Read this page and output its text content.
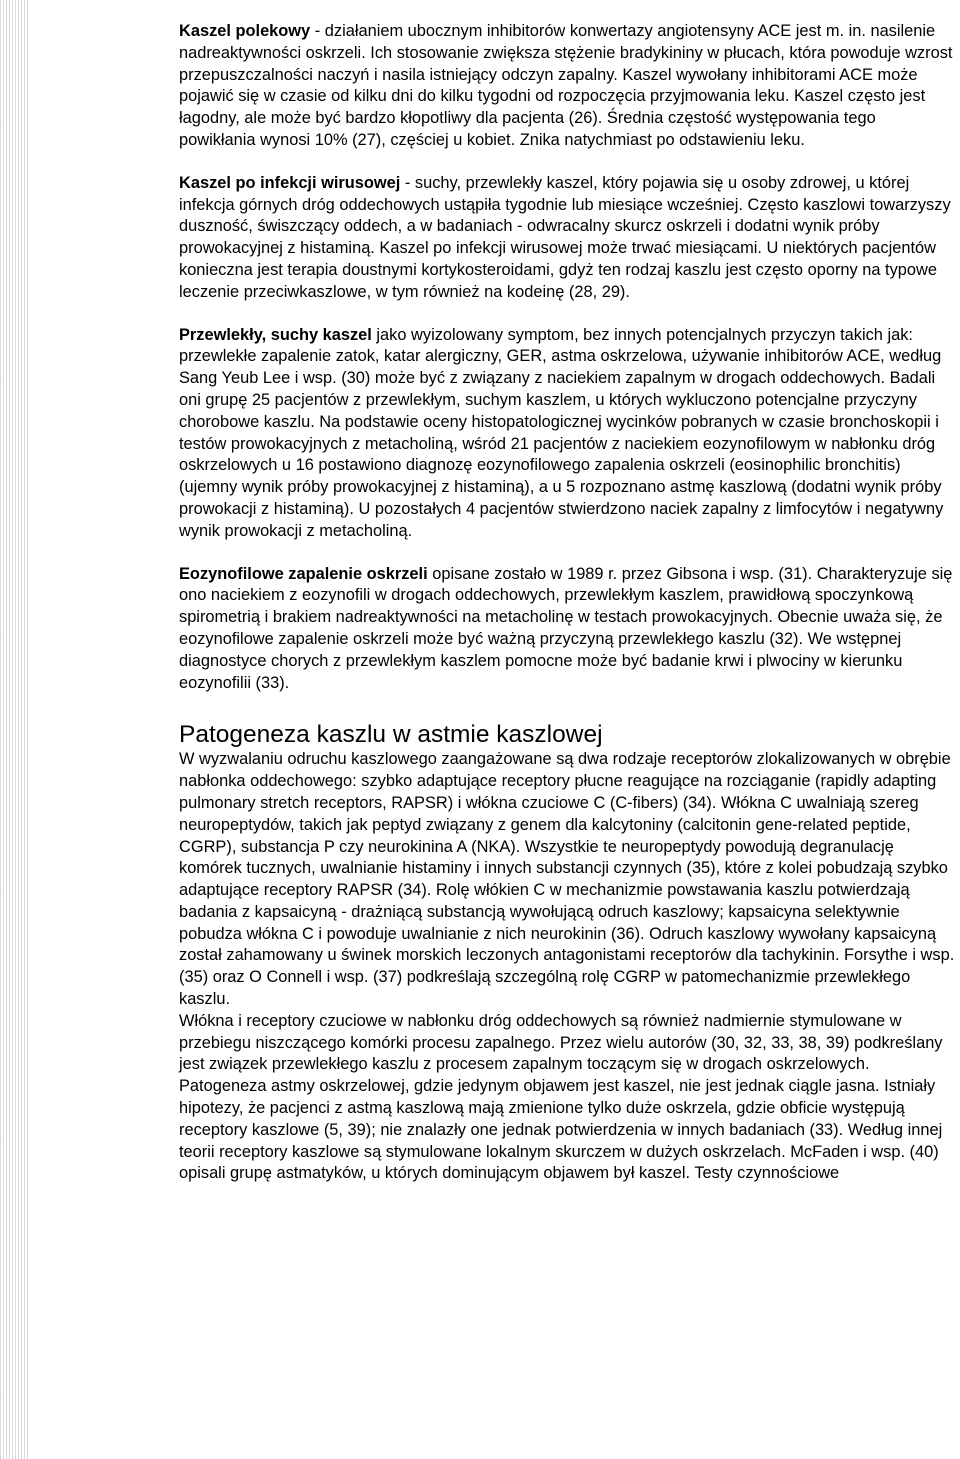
Kaszel polekowy - działaniem ubocznym inhibitorów konwertazy angiotensyny ACE jest m. in. nasilenie nadreaktywności oskrzeli. Ich stosowanie zwiększa stężenie bradykininy w płucach, która powoduje wzrost przepuszczalności naczyń i nasila istniejący odczyn zapalny. Kaszel wywołany inhibitorami ACE może pojawić się w czasie od kilku dni do kilku tygodni od rozpoczęcia przyjmowania leku. Kaszel często jest łagodny, ale może być bardzo kłopotliwy dla pacjenta (26). Średnia częstość występowania tego powikłania wynosi 10% (27), częściej u kobiet. Znika natychmiast po odstawieniu leku.

Kaszel po infekcji wirusowej - suchy, przewlekły kaszel, który pojawia się u osoby zdrowej, u której infekcja górnych dróg oddechowych ustąpiła tygodnie lub miesiące wcześniej. Często kaszlowi towarzyszy duszność, świszczący oddech, a w badaniach - odwracalny skurcz oskrzeli i dodatni wynik próby prowokacyjnej z histaminą. Kaszel po infekcji wirusowej może trwać miesiącami. U niektórych pacjentów konieczna jest terapia doustnymi kortykosteroidami, gdyż ten rodzaj kaszlu jest często oporny na typowe leczenie przeciwkaszlowe, w tym również na kodeinę (28, 29).

Przewlekły, suchy kaszel jako wyizolowany symptom, bez innych potencjalnych przyczyn takich jak: przewlekłe zapalenie zatok, katar alergiczny, GER, astma oskrzelowa, używanie inhibitorów ACE, według Sang Yeub Lee i wsp. (30) może być z związany z naciekiem zapalnym w drogach oddechowych. Badali oni grupę 25 pacjentów z przewlekłym, suchym kaszlem, u których wykluczono potencjalne przyczyny chorobowe kaszlu. Na podstawie oceny histopatologicznej wycinków pobranych w czasie bronchoskopii i testów prowokacyjnych z metacholiną, wśród 21 pacjentów z naciekiem eozynofilowym w nabłonku dróg oskrzelowych u 16 postawiono diagnozę eozynofilowego zapalenia oskrzeli (eosinophilic bronchitis) (ujemny wynik próby prowokacyjnej z histaminą), a u 5 rozpoznano astmę kaszlową (dodatni wynik próby prowokacji z histaminą). U pozostałych 4 pacjentów stwierdzono naciek zapalny z limfocytów i negatywny wynik prowokacji z metacholiną.

Eozynofilowe zapalenie oskrzeli opisane zostało w 1989 r. przez Gibsona i wsp. (31). Charakteryzuje się ono naciekiem z eozynofili w drogach oddechowych, przewlekłym kaszlem, prawidłową spoczynkową spirometrią i brakiem nadreaktywności na metacholinę w testach prowokacyjnych. Obecnie uważa się, że eozynofilowe zapalenie oskrzeli może być ważną przyczyną przewlekłego kaszlu (32). We wstępnej diagnostyce chorych z przewlekłym kaszlem pomocne może być badanie krwi i plwociny w kierunku eozynofilii (33).

Patogeneza kaszlu w astmie kaszlowej

W wyzwalaniu odruchu kaszlowego zaangażowane są dwa rodzaje receptorów zlokalizowanych w obrębie nabłonka oddechowego: szybko adaptujące receptory płucne reagujące na rozciąganie (rapidly adapting pulmonary stretch receptors, RAPSR) i włókna czuciowe C (C-fibers) (34). Włókna C uwalniają szereg neuropeptydów, takich jak peptyd związany z genem dla kalcytoniny (calcitonin gene-related peptide, CGRP), substancja P czy neurokinina A (NKA). Wszystkie te neuropeptydy powodują degranulację komórek tucznych, uwalnianie histaminy i innych substancji czynnych (35), które z kolei pobudzają szybko adaptujące receptory RAPSR (34). Rolę włókien C w mechanizmie powstawania kaszlu potwierdzają badania z kapsaicyną - drażniącą substancją wywołującą odruch kaszlowy; kapsaicyna selektywnie pobudza włókna C i powoduje uwalnianie z nich neurokinin (36). Odruch kaszlowy wywołany kapsaicyną został zahamowany u świnek morskich leczonych antagonistami receptorów dla tachykinin. Forsythe i wsp. (35) oraz O Connell i wsp. (37) podkreślają szczególną rolę CGRP w patomechanizmie przewlekłego kaszlu.

Włókna i receptory czuciowe w nabłonku dróg oddechowych są również nadmiernie stymulowane w przebiegu niszczącego komórki procesu zapalnego. Przez wielu autorów (30, 32, 33, 38, 39) podkreślany jest związek przewlekłego kaszlu z procesem zapalnym toczącym się w drogach oskrzelowych.

Patogeneza astmy oskrzelowej, gdzie jedynym objawem jest kaszel, nie jest jednak ciągle jasna. Istniały hipotezy, że pacjenci z astmą kaszlową mają zmienione tylko duże oskrzela, gdzie obficie występują receptory kaszlowe (5, 39); nie znalazły one jednak potwierdzenia w innych badaniach (33). Według innej teorii receptory kaszlowe są stymulowane lokalnym skurczem w dużych oskrzelach. McFaden i wsp. (40) opisali grupę astmatyków, u których dominującym objawem był kaszel. Testy czynnościowe
